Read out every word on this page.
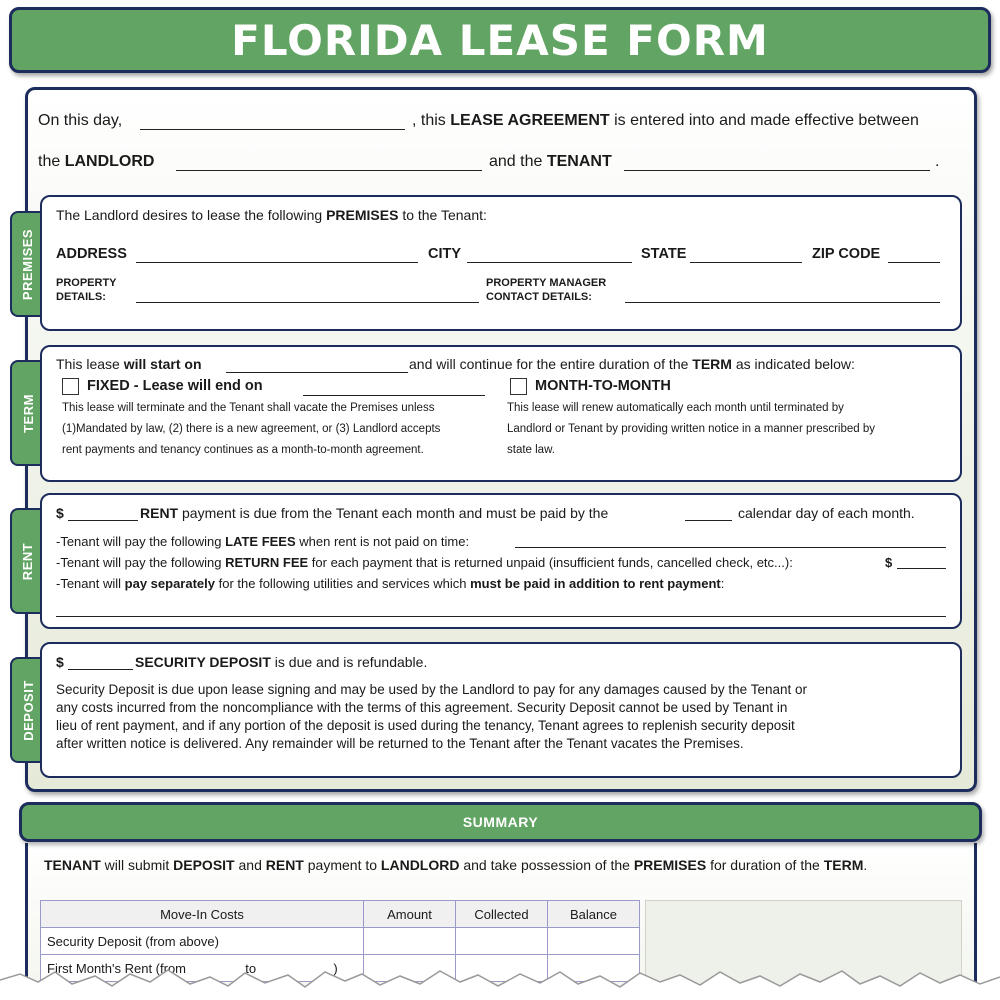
FLORIDA LEASE FORM
On this day,	, this LEASE AGREEMENT is entered into and made effective between
the LANDLORD	and the TENANT	.
PREMISES
The Landlord desires to lease the following PREMISES to the Tenant:
ADDRESS	CITY	STATE	ZIP CODE
PROPERTY
DETAILS:
PROPERTY MANAGER
CONTACT DETAILS:
TERM
This lease will start on	and will continue for the entire duration of the TERM as indicated below:
FIXED - Lease will end on
This lease will terminate and the Tenant shall vacate the Premises unless
(1)Mandated by law, (2) there is a new agreement, or (3) Landlord accepts
rent payments and tenancy continues as a month-to-month agreement.
MONTH-TO-MONTH
This lease will renew automatically each month until terminated by
Landlord or Tenant by providing written notice in a manner prescribed by
state law.
RENT
$	RENT payment is due from the Tenant each month and must be paid by the	calendar day of each month.
-Tenant will pay the following LATE FEES when rent is not paid on time:
-Tenant will pay the following RETURN FEE for each payment that is returned unpaid (insufficient funds, cancelled check, etc...):	$
-Tenant will pay separately for the following utilities and services which must be paid in addition to rent payment:
DEPOSIT
$	SECURITY DEPOSIT is due and is refundable.
Security Deposit is due upon lease signing and may be used by the Landlord to pay for any damages caused by the Tenant or
any costs incurred from the noncompliance with the terms of this agreement. Security Deposit cannot be used by Tenant in
lieu of rent payment, and if any portion of the deposit is used during the tenancy, Tenant agrees to replenish security deposit
after written notice is delivered. Any remainder will be returned to the Tenant after the Tenant vacates the Premises.
SUMMARY
TENANT will submit DEPOSIT and RENT payment to LANDLORD and take possession of the PREMISES for duration of the TERM.
Move-In Costs	Amount	Collected	Balance
Security Deposit (from above)			
First Month's Rent (from to )			
